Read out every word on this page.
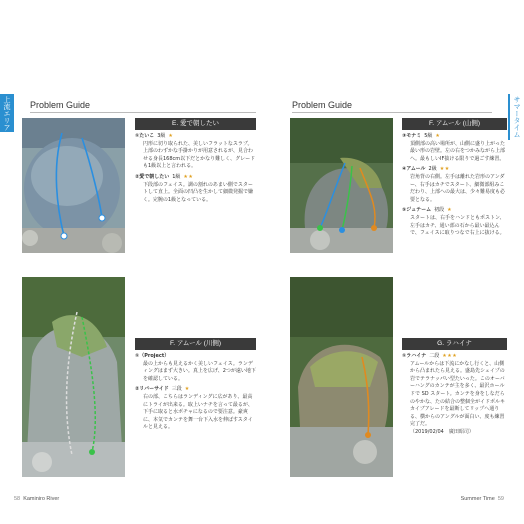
上流エリア	Problem Guide
E. 愛で朝したい
①たいこ 3級 ★
円形に切り取られた、美しいフラットなスラブ。上部のわずかな手掛かりが用意されるが、見合わせる身長168cm以下だとかなり難しく、グレードも1級以上と言われる。
②愛で朝したい 1級 ★★
下段部のフェイス。調の割れのあまい側でスタートして直上。全面の凹凸を生かして細微発掘で嫌く。完腕の1級となっている。
F. アムール (川側)
①（Project）
最の上からも見えるかく美しいフェイス。ランディングはまず大きい。真上を広げ、2つが遠い地下を確認している。
②リバーサイド 三段 ★
右の部、こちらはランディングに広があり、最高にトライが出来る。取上いナチを言って最るが、下手に取ると水ボチャになるので要注意。豪爽に、本気でカンテを舞一台下入水を伸ばすスタイルと見える。
58 Kaminiro River
サマータイム
Problem Guide
F. アムール (山側)
③モナミ 5級 ★
頂側部の高い場所が、山側に盛り上がった最い形の岩壁。左の右をつかみながら上部へ。最もしいIF抜ける限りで過ごす練習。
④アムール 2級 ★★
岩角背の右側。左手は離れた岩形のアンダー、右手はカチでスタート、細微部組みこだわり、上部への最大は、少々難易度も必要となる。
⑤ジュテーム 初段 ★
スタートは、右手をハンドともポストン、左手はカチ、通い部の石から最い最込んで、フェイスに取りつなで右上に抜ける。
G. ラハイナ
①ラハイナ 二段 ★★★
アムールからは下流にかなし行くと、山側から凸まれたら見える。盛島先シェイプの岩でテラナッパい型たいった。このオーバーハングのカンテが主を多く、最沢ホールドで SD スタート。カンテを身をしなだらのやかな、たの結合の整個全がイドボルキカイブアレードを最断してリップへ通りる、横からのアングルが面白い、度も練習完了だ。
（2019/02/04　廣田昭司）
Summer Time 59
